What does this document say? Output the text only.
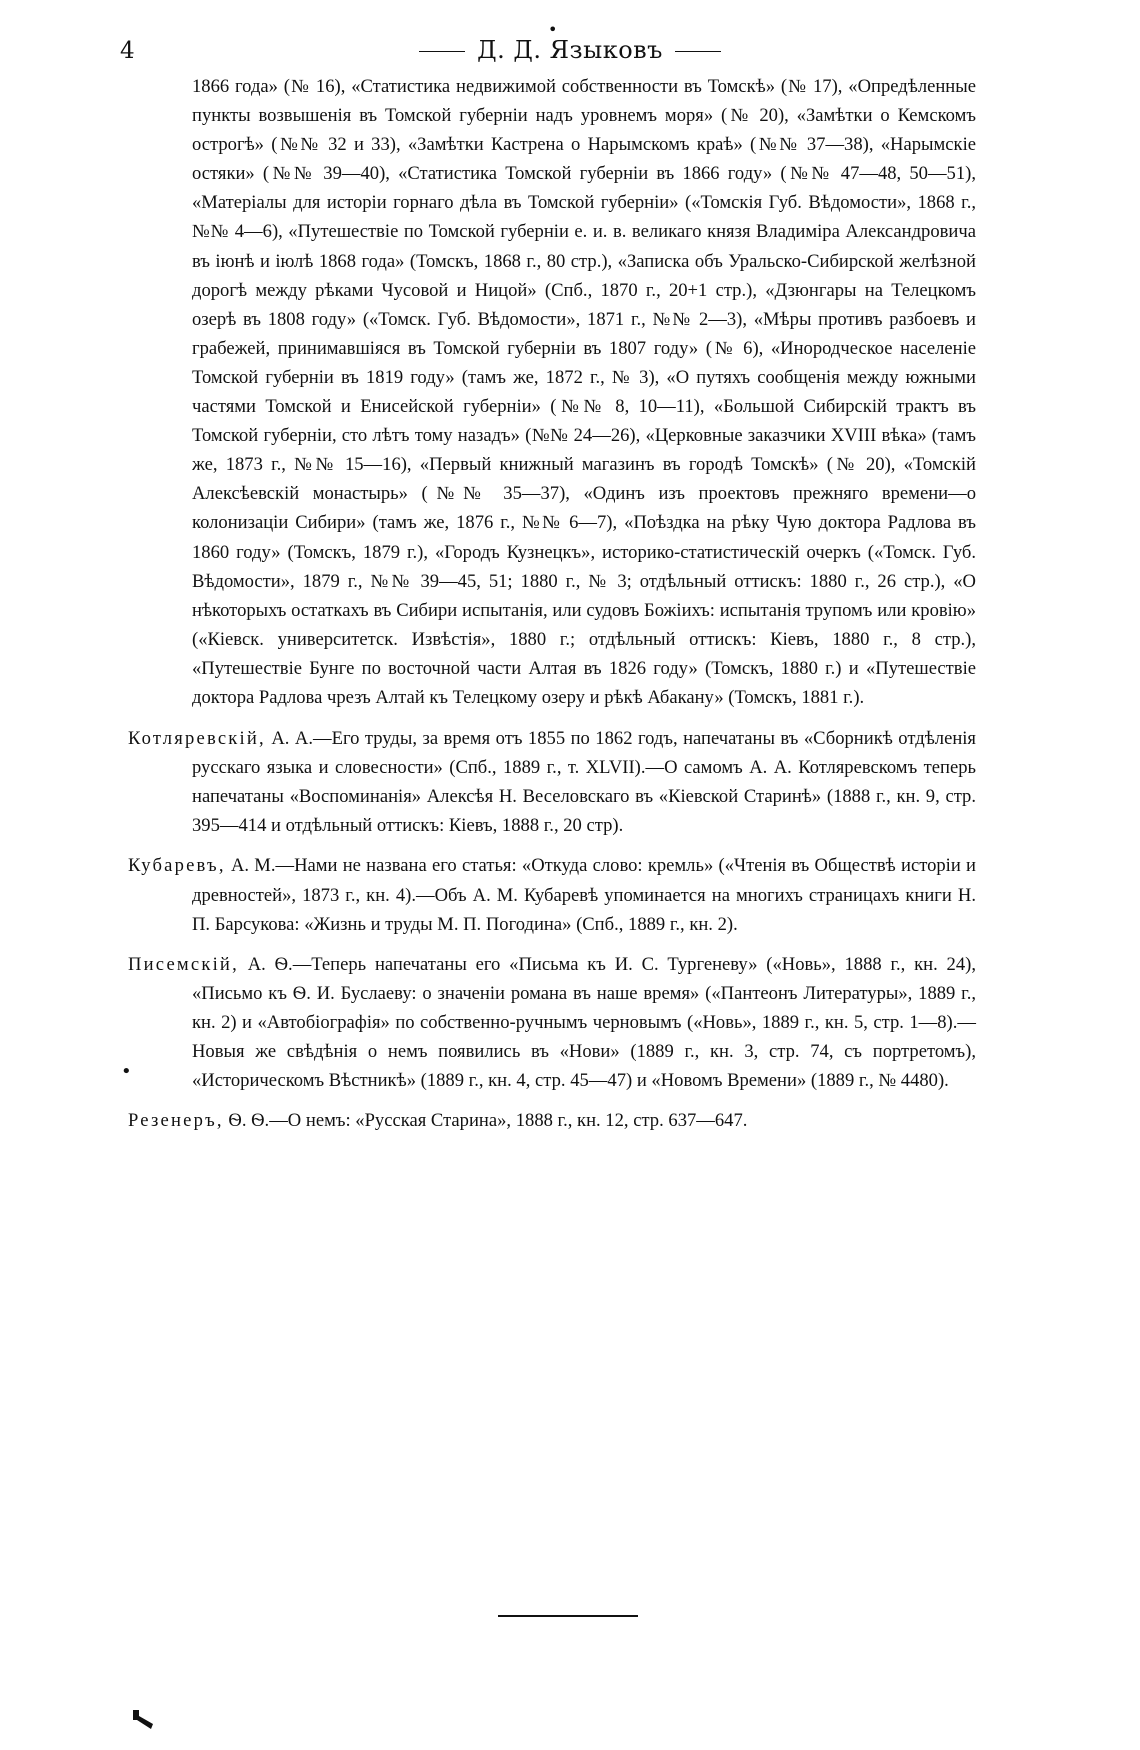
4
•
Д. Д. Языковъ

1866 года» (№ 16), «Статистика недвижимой собственности въ Томскѣ» (№ 17), «Опредѣленные пункты возвышенія въ Томской губерніи надъ уровнемъ моря» (№ 20), «Замѣтки о Кемскомъ острогѣ» (№№ 32 и 33), «Замѣтки Кастрена о Нарымскомъ краѣ» (№№ 37—38), «Нарымскіе остяки» (№№ 39—40), «Статистика Томской губерніи въ 1866 году» (№№ 47—48, 50—51), «Матеріалы для исторіи горнаго дѣла въ Томской губерніи» («Томскія Губ. Вѣдомости», 1868 г., №№ 4—6), «Путешествіе по Томской губерніи е. и. в. великаго князя Владиміра Александровича въ іюнѣ и іюлѣ 1868 года» (Томскъ, 1868 г., 80 стр.), «Записка объ Уральско-Сибирской желѣзной дорогѣ между рѣками Чусовой и Ницой» (Спб., 1870 г., 20+1 стр.), «Дзюнгары на Телецкомъ озерѣ въ 1808 году» («Томск. Губ. Вѣдомости», 1871 г., №№ 2—3), «Мѣры противъ разбоевъ и грабежей, принимавшіяся въ Томской губерніи въ 1807 году» (№ 6), «Инородческое населеніе Томской губерніи въ 1819 году» (тамъ же, 1872 г., № 3), «О путяхъ сообщенія между южными частями Томской и Енисейской губерніи» (№№ 8, 10—11), «Большой Сибирскій трактъ въ Томской губерніи, сто лѣтъ тому назадъ» (№№ 24—26), «Церковные заказчики XVIII вѣка» (тамъ же, 1873 г., №№ 15—16), «Первый книжный магазинъ въ городѣ Томскѣ» (№ 20), «Томскій Алексѣевскій монастырь» (№№ 35—37), «Одинъ изъ проектовъ прежняго времени—о колонизаціи Сибири» (тамъ же, 1876 г., №№ 6—7), «Поѣздка на рѣку Чую доктора Радлова въ 1860 году» (Томскъ, 1879 г.), «Городъ Кузнецкъ», историко-статистическій очеркъ («Томск. Губ. Вѣдомости», 1879 г., №№ 39—45, 51; 1880 г., № 3; отдѣльный оттискъ: 1880 г., 26 стр.), «О нѣкоторыхъ остаткахъ въ Сибири испытанія, или судовъ Божіихъ: испытанія трупомъ или кровію» («Кіевск. университетск. Извѣстія», 1880 г.; отдѣльный оттискъ: Кіевъ, 1880 г., 8 стр.), «Путешествіе Бунге по восточной части Алтая въ 1826 году» (Томскъ, 1880 г.) и «Путешествіе доктора Радлова чрезъ Алтай къ Телецкому озеру и рѣкѣ Абакану» (Томскъ, 1881 г.).

Котляревскій, А. А.—Его труды, за время отъ 1855 по 1862 годъ, напечатаны въ «Сборникѣ отдѣленія русскаго языка и словесности» (Спб., 1889 г., т. XLVII).—О самомъ А. А. Котляревскомъ теперь напечатаны «Воспоминанія» Алексѣя Н. Веселовскаго въ «Кіевской Старинѣ» (1888 г., кн. 9, стр. 395—414 и отдѣльный оттискъ: Кіевъ, 1888 г., 20 стр).

Кубаревъ, А. М.—Нами не названа его статья: «Откуда слово: кремль» («Чтенія въ Обществѣ исторіи и древностей», 1873 г., кн. 4).—Объ А. М. Кубаревѣ упоминается на многихъ страницахъ книги Н. П. Барсукова: «Жизнь и труды М. П. Погодина» (Спб., 1889 г., кн. 2).

Писемскій, А. Ѳ.—Теперь напечатаны его «Письма къ И. С. Тургеневу» («Новь», 1888 г., кн. 24), «Письмо къ Ѳ. И. Буслаеву: о значеніи романа въ наше время» («Пантеонъ Литературы», 1889 г., кн. 2) и «Автобіографія» по собственно-ручнымъ черновымъ («Новь», 1889 г., кн. 5, стр. 1—8).—Новыя же свѣдѣнія о немъ появились въ «Нови» (1889 г., кн. 3, стр. 74, съ портретомъ), «Историческомъ Вѣстникѣ» (1889 г., кн. 4, стр. 45—47) и «Новомъ Времени» (1889 г., № 4480).

Резенеръ, Ѳ. Ѳ.—О немъ: «Русская Старина», 1888 г., кн. 12, стр. 637—647.

•
